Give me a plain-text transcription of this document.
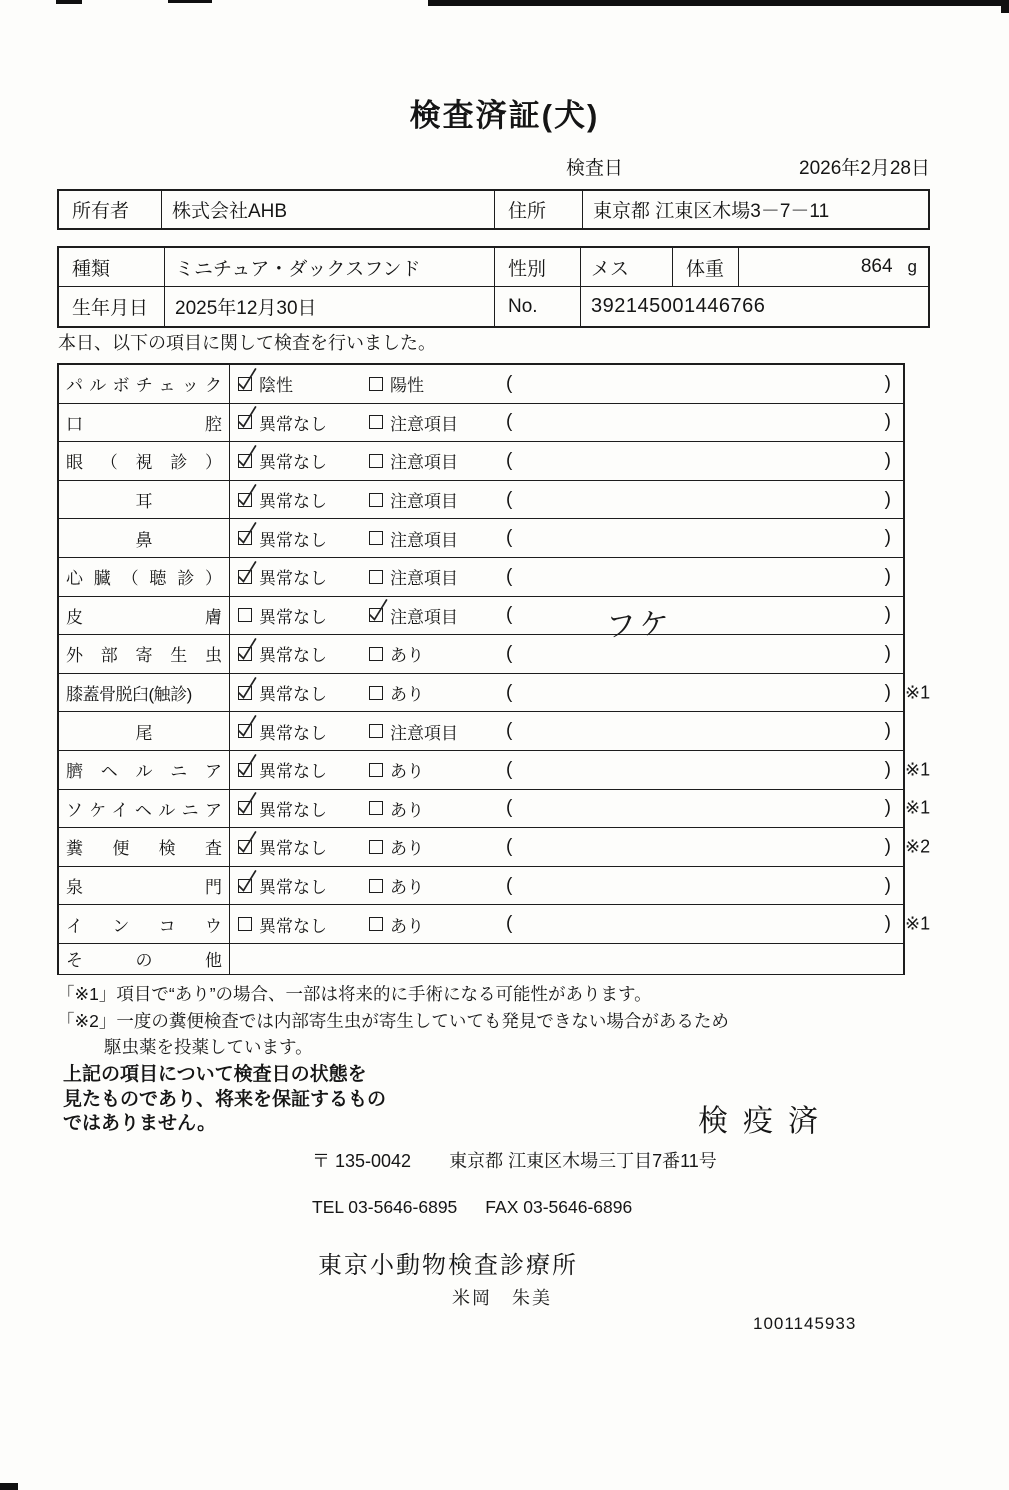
検査済証(犬)
検査日	2026年2月28日
所有者	株式会社AHB	住所	東京都 江東区木場3－7－11
種類	ミニチュア・ダックスフンド	性別	メス	体重	864 g
生年月日	2025年12月30日	No.	392145001446766
本日、以下の項目に関して検査を行いました。
パルボチェック 陰性	陽性	(	)
口腔 異常なし	注意項目	(	)
眼（視診） 異常なし	注意項目	(	)
耳	異常なし	注意項目	(	)
鼻	異常なし	注意項目	(	)
心臓（聴診） 異常なし	注意項目	(	)
皮膚 異常なし	注意項目	(	フケ	)
外部寄生虫 異常なし	あり	(	)
膝蓋骨脱臼(触診)	異常なし	あり	(	) ※1
尾	異常なし	注意項目	(	)
臍ヘルニア 異常なし	あり	(	) ※1
ソケイヘルニア 異常なし	あり	(	) ※1
糞便検査 異常なし	あり	(	) ※2
泉門 異常なし	あり	(	)
インコウ 異常なし	あり	(	) ※1
その他
「※1」項目で“あり”の場合、一部は将来的に手術になる可能性があります。
「※2」一度の糞便検査では内部寄生虫が寄生していても発見できない場合があるため
駆虫薬を投薬しています。
上記の項目について検査日の状態を
見たものであり、将来を保証するもの
ではありません。	検疫済
〒 135-0042 東京都 江東区木場三丁目7番11号
TEL 03-5646-6895 FAX 03-5646-6896
東京小動物検査診療所
米岡　朱美
1001145933
